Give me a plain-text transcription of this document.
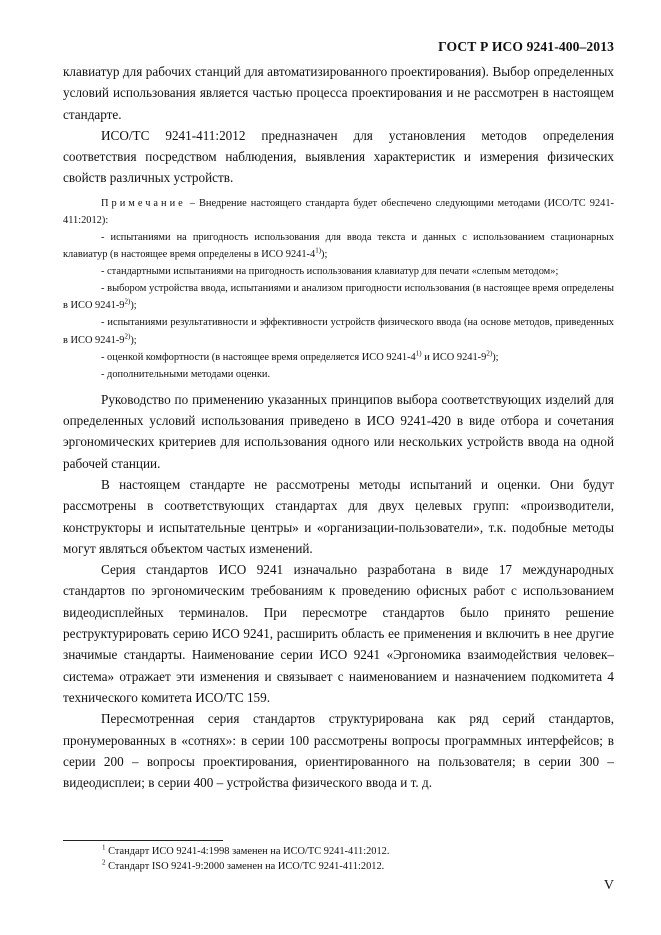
ГОСТ Р ИСО 9241-400–2013

клавиатур для рабочих станций для автоматизированного проектирования). Выбор определенных условий использования является частью процесса проектирования и не рассмотрен в настоящем стандарте.

ИСО/ТС 9241-411:2012 предназначен для установления методов определения соответствия посредством наблюдения, выявления характеристик и измерения физических свойств различных устройств.

Примечание – Внедрение настоящего стандарта будет обеспечено следующими методами (ИСО/ТС 9241-411:2012):

- испытаниями на пригодность использования для ввода текста и данных с использованием стационарных клавиатур (в настоящее время определены в ИСО 9241-4$^{1)}$);

- стандартными испытаниями на пригодность использования клавиатур для печати «слепым методом»;

- выбором устройства ввода, испытаниями и анализом пригодности использования (в настоящее время определены в ИСО 9241-9$^{2)}$);

- испытаниями результативности и эффективности устройств физического ввода (на основе методов, приведенных в ИСО 9241-9$^{2)}$);

- оценкой комфортности (в настоящее время определяется ИСО 9241-4$^{1)}$ и ИСО 9241-9$^{2)}$);

- дополнительными методами оценки.

Руководство по применению указанных принципов выбора соответствующих изделий для определенных условий использования приведено в ИСО 9241-420 в виде отбора и сочетания эргономических критериев для использования одного или нескольких устройств ввода на одной рабочей станции.

В настоящем стандарте не рассмотрены методы испытаний и оценки. Они будут рассмотрены в соответствующих стандартах для двух целевых групп: «производители, конструкторы и испытательные центры» и «организации-пользователи», т.к. подобные методы могут являться объектом частых изменений.

Серия стандартов ИСО 9241 изначально разработана в виде 17 международных стандартов по эргономическим требованиям к проведению офисных работ с использованием видеодисплейных терминалов. При пересмотре стандартов было принято решение реструктурировать серию ИСО 9241, расширить область ее применения и включить в нее другие значимые стандарты. Наименование серии ИСО 9241 «Эргономика взаимодействия человек–система» отражает эти изменения и связывает с наименованием и назначением подкомитета 4 технического комитета ИСО/ТС 159.

Пересмотренная серия стандартов структурирована как ряд серий стандартов, пронумерованных в «сотнях»: в серии 100 рассмотрены вопросы программных интерфейсов; в серии 200 – вопросы проектирования, ориентированного на пользователя; в серии 300 – видеодисплеи; в серии 400 – устройства физического ввода и т. д.

$^1$ Стандарт ИСО 9241-4:1998 заменен на ИСО/ТС 9241-411:2012.
$^2$ Стандарт ISO 9241-9:2000 заменен на ИСО/ТС 9241-411:2012.
V
